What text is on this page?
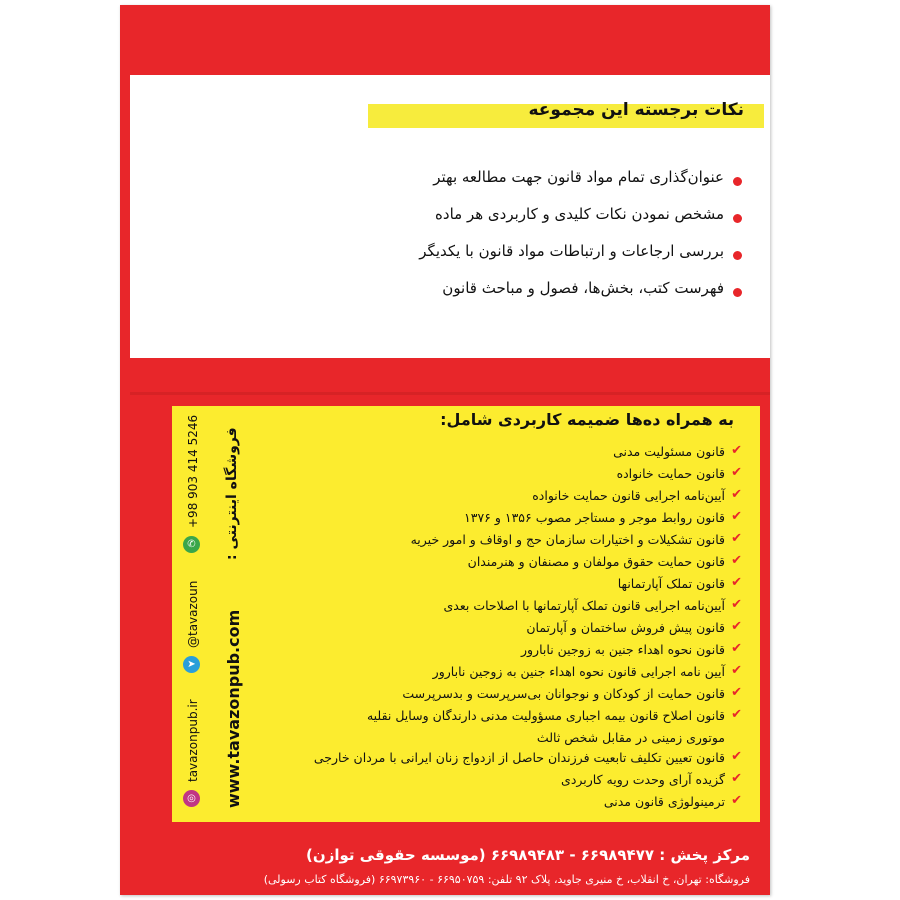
نکات برجسته این مجموعه
عنوان‌گذاری تمام مواد قانون جهت مطالعه بهتر
مشخص نمودن نکات کلیدی و کاربردی هر ماده
بررسی ارجاعات و ارتباطات مواد قانون با یکدیگر
فهرست کتب، بخش‌ها، فصول و مباحث قانون
به همراه ده‌ها ضمیمه کاربردی شامل:
✔
قانون مسئولیت مدنی
✔
قانون حمایت خانواده
✔
آیین‌نامه اجرایی قانون حمایت خانواده
✔
قانون روابط موجر و مستاجر مصوب ۱۳۵۶ و ۱۳۷۶
✔
قانون تشکیلات و اختیارات سازمان حج و اوقاف و امور خیریه
✔
قانون حمایت حقوق مولفان و مصنفان و هنرمندان
✔
قانون تملک آپارتمانها
✔
آیین‌نامه اجرایی قانون تملک آپارتمانها با اصلاحات بعدی
✔
قانون پیش فروش ساختمان و آپارتمان
✔
قانون نحوه اهداء جنین به زوجین نابارور
✔
آیین نامه اجرایی قانون نحوه اهداء جنین به زوجین نابارور
✔
قانون حمایت از کودکان و نوجوانان بی‌سرپرست و بدسرپرست
✔
قانون اصلاح قانون بیمه اجباری مسؤولیت مدنی دارندگان وسایل نقلیه
موتوری زمینی در مقابل شخص ثالث
✔
قانون تعیین تکلیف تابعیت فرزندان حاصل از ازدواج زنان ایرانی با مردان خارجی
✔
گزیده آرای وحدت رویه کاربردی
✔
ترمینولوژی قانون مدنی
www.tavazonpub.com
فروشگاه اینترنتی :
◎
tavazonpub.ir
➤
@tavazoun
✆
+98 903 414 5246
مرکز پخش : ۶۶۹۸۹۴۷۷ - ۶۶۹۸۹۴۸۳ (موسسه حقوقی توازن)
فروشگاه: تهران، خ انقلاب، خ منیری جاوید، پلاک ۹۲ تلفن: ۶۶۹۵۰۷۵۹ - ۶۶۹۷۳۹۶۰ (فروشگاه کتاب رسولی)
